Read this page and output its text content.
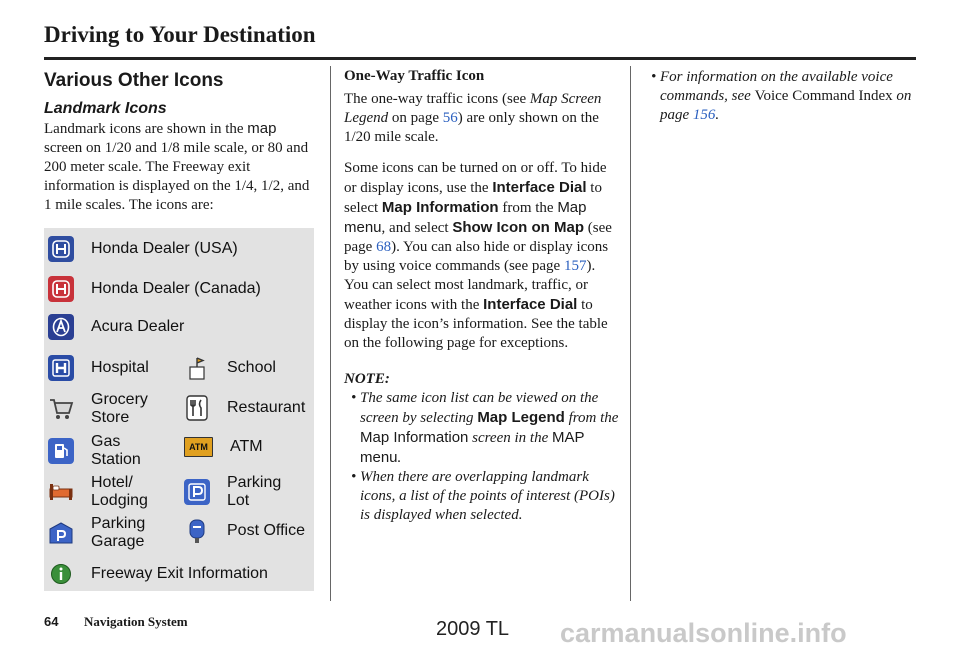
Driving to Your Destination
Various Other Icons
Landmark Icons

Landmark icons are shown in the map screen on 1/20 and 1/8 mile scale, or 80 and 200 meter scale. The Freeway exit information is displayed on the 1/4, 1/2, and 1 mile scales. The icons are:

Honda Dealer (USA)
Honda Dealer (Canada)
Acura Dealer
Hospital	School
Grocery
Store
Restaurant
Gas
Station
ATM ATM
Hotel/
Lodging
Parking
Lot
Parking
Garage
Post Office
Freeway Exit Information
One-Way Traffic Icon

The one-way traffic icons (see Map Screen Legend on page 56) are only shown on the 1/20 mile scale.

Some icons can be turned on or off. To hide or display icons, use the Interface Dial to select Map Information from the Map menu, and select Show Icon on Map (see page 68). You can also hide or display icons by using voice commands (see page 157).

You can select most landmark, traffic, or weather icons with the Interface Dial to display the icon’s information. See the table on the following page for exceptions.

NOTE:

• The same icon list can be viewed on the screen by selecting Map Legend from the Map Information screen in the MAP menu.

• When there are overlapping landmark icons, a list of the points of interest (POIs) is displayed when selected.

• For information on the available voice commands, see Voice Command Index on page 156.

64 Navigation System	2009 TL carmanualsonline.info
